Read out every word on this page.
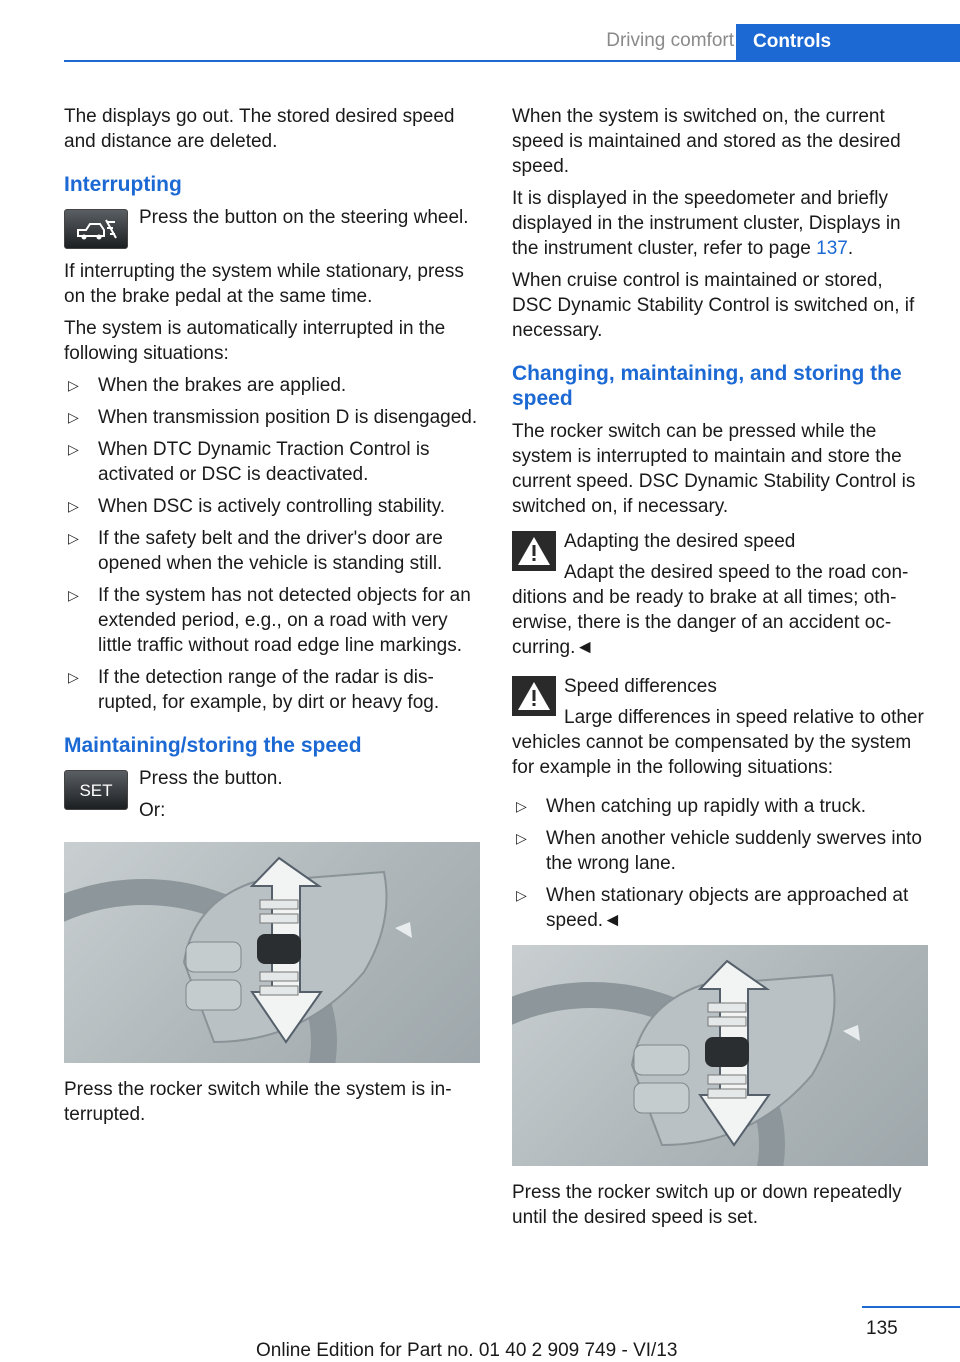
Driving comfort	Controls

The displays go out. The stored desired speed and distance are deleted.

Interrupting
Press the button on the steering wheel.

If interrupting the system while stationary, press on the brake pedal at the same time.

The system is automatically interrupted in the following situations:

▷ When the brakes are applied.
▷ When transmission position D is disengaged.
▷ When DTC Dynamic Traction Control is activated or DSC is deactivated.
▷ When DSC is actively controlling stability.
▷ If the safety belt and the driver's door are opened when the vehicle is standing still.
▷ If the system has not detected objects for an extended period, e.g., on a road with very little traffic without road edge line markings.
▷ If the detection range of the radar is disrupted, for example, by dirt or heavy fog.
Maintaining/storing the speed
SET

Press the button.

Or:

Press the rocker switch while the system is interrupted.

When the system is switched on, the current speed is maintained and stored as the desired speed.

It is displayed in the speedometer and briefly displayed in the instrument cluster, Displays in the instrument cluster, refer to page 137.

When cruise control is maintained or stored, DSC Dynamic Stability Control is switched on, if necessary.

Changing, maintaining, and storing the speed

The rocker switch can be pressed while the system is interrupted to maintain and store the current speed. DSC Dynamic Stability Control is switched on, if necessary.

Adapting the desired speed
Adapt the desired speed to the road conditions and be ready to brake at all times; otherwise, there is the danger of an accident occurring.◄
Speed differences
Large differences in speed relative to other vehicles cannot be compensated by the system for example in the following situations:
▷ When catching up rapidly with a truck.
▷ When another vehicle suddenly swerves into the wrong lane.
▷ When stationary objects are approached at speed.◄

Press the rocker switch up or down repeatedly until the desired speed is set.

135
Online Edition for Part no. 01 40 2 909 749 - VI/13
